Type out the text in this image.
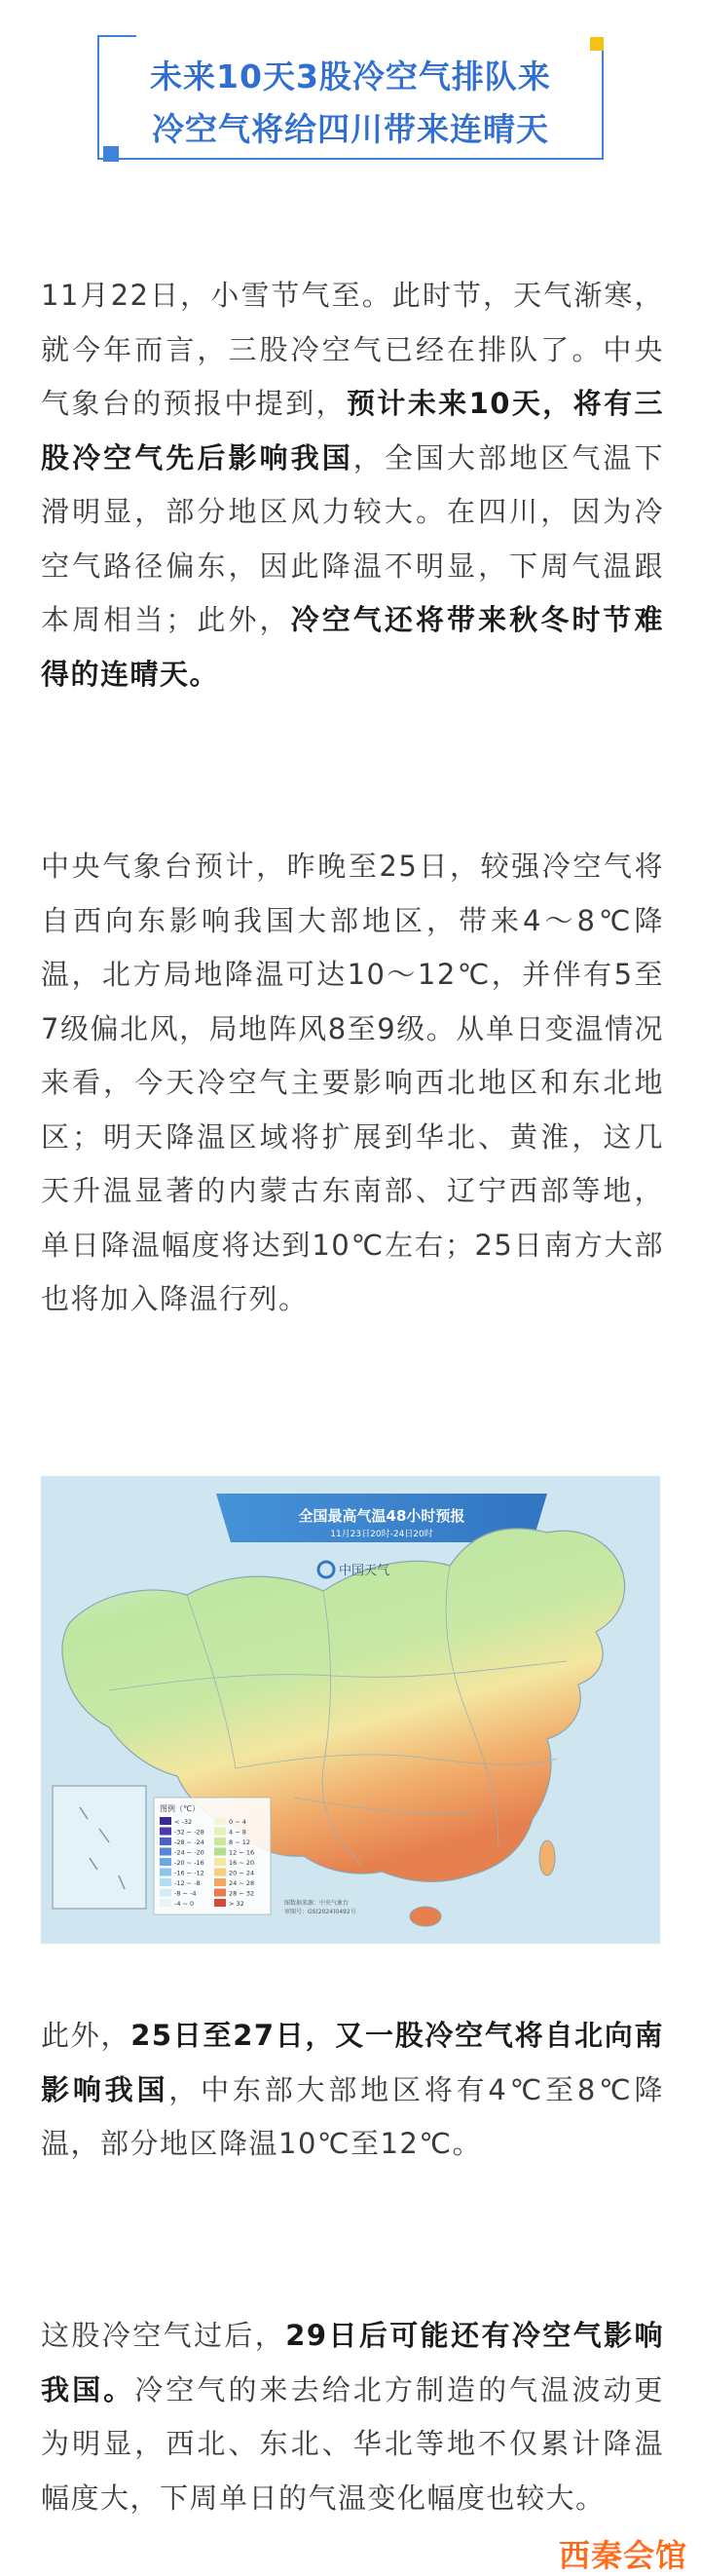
未来10天3股冷空气排队来
冷空气将给四川带来连晴天
11月22日，小雪节气至。此时节，天气渐寒，就今年而言，三股冷空气已经在排队了。中央气象台的预报中提到，预计未来10天，将有三股冷空气先后影响我国，全国大部地区气温下滑明显，部分地区风力较大。在四川，因为冷空气路径偏东，因此降温不明显，下周气温跟本周相当；此外，冷空气还将带来秋冬时节难得的连晴天。
中央气象台预计，昨晚至25日，较强冷空气将自西向东影响我国大部地区，带来4～8℃降温，北方局地降温可达10～12℃，并伴有5至7级偏北风，局地阵风8至9级。从单日变温情况来看，今天冷空气主要影响西北地区和东北地区；明天降温区域将扩展到华北、黄淮，这几天升温显著的内蒙古东南部、辽宁西部等地，单日降温幅度将达到10℃左右；25日南方大部也将加入降温行列。
全国最高气温48小时预报
11月23日20时-24日20时
中国天气
图例（℃）
< -32
-32 ~ -28
-28 ~ -24
-24 ~ -20
-20 ~ -16
-16 ~ -12
-12 ~ -8
-8 ~ -4
-4 ~ 0
0 ~ 4
4 ~ 8
8 ~ 12
12 ~ 16
16 ~ 20
20 ~ 24
24 ~ 28
28 ~ 32
> 32	图数据来源：中央气象台
审图号：GS(2024)0492号
此外，25日至27日，又一股冷空气将自北向南影响我国，中东部大部地区将有4℃至8℃降温，部分地区降温10℃至12℃。
这股冷空气过后，29日后可能还有冷空气影响我国。冷空气的来去给北方制造的气温波动更为明显，西北、东北、华北等地不仅累计降温幅度大，下周单日的气温变化幅度也较大。
西秦会馆
